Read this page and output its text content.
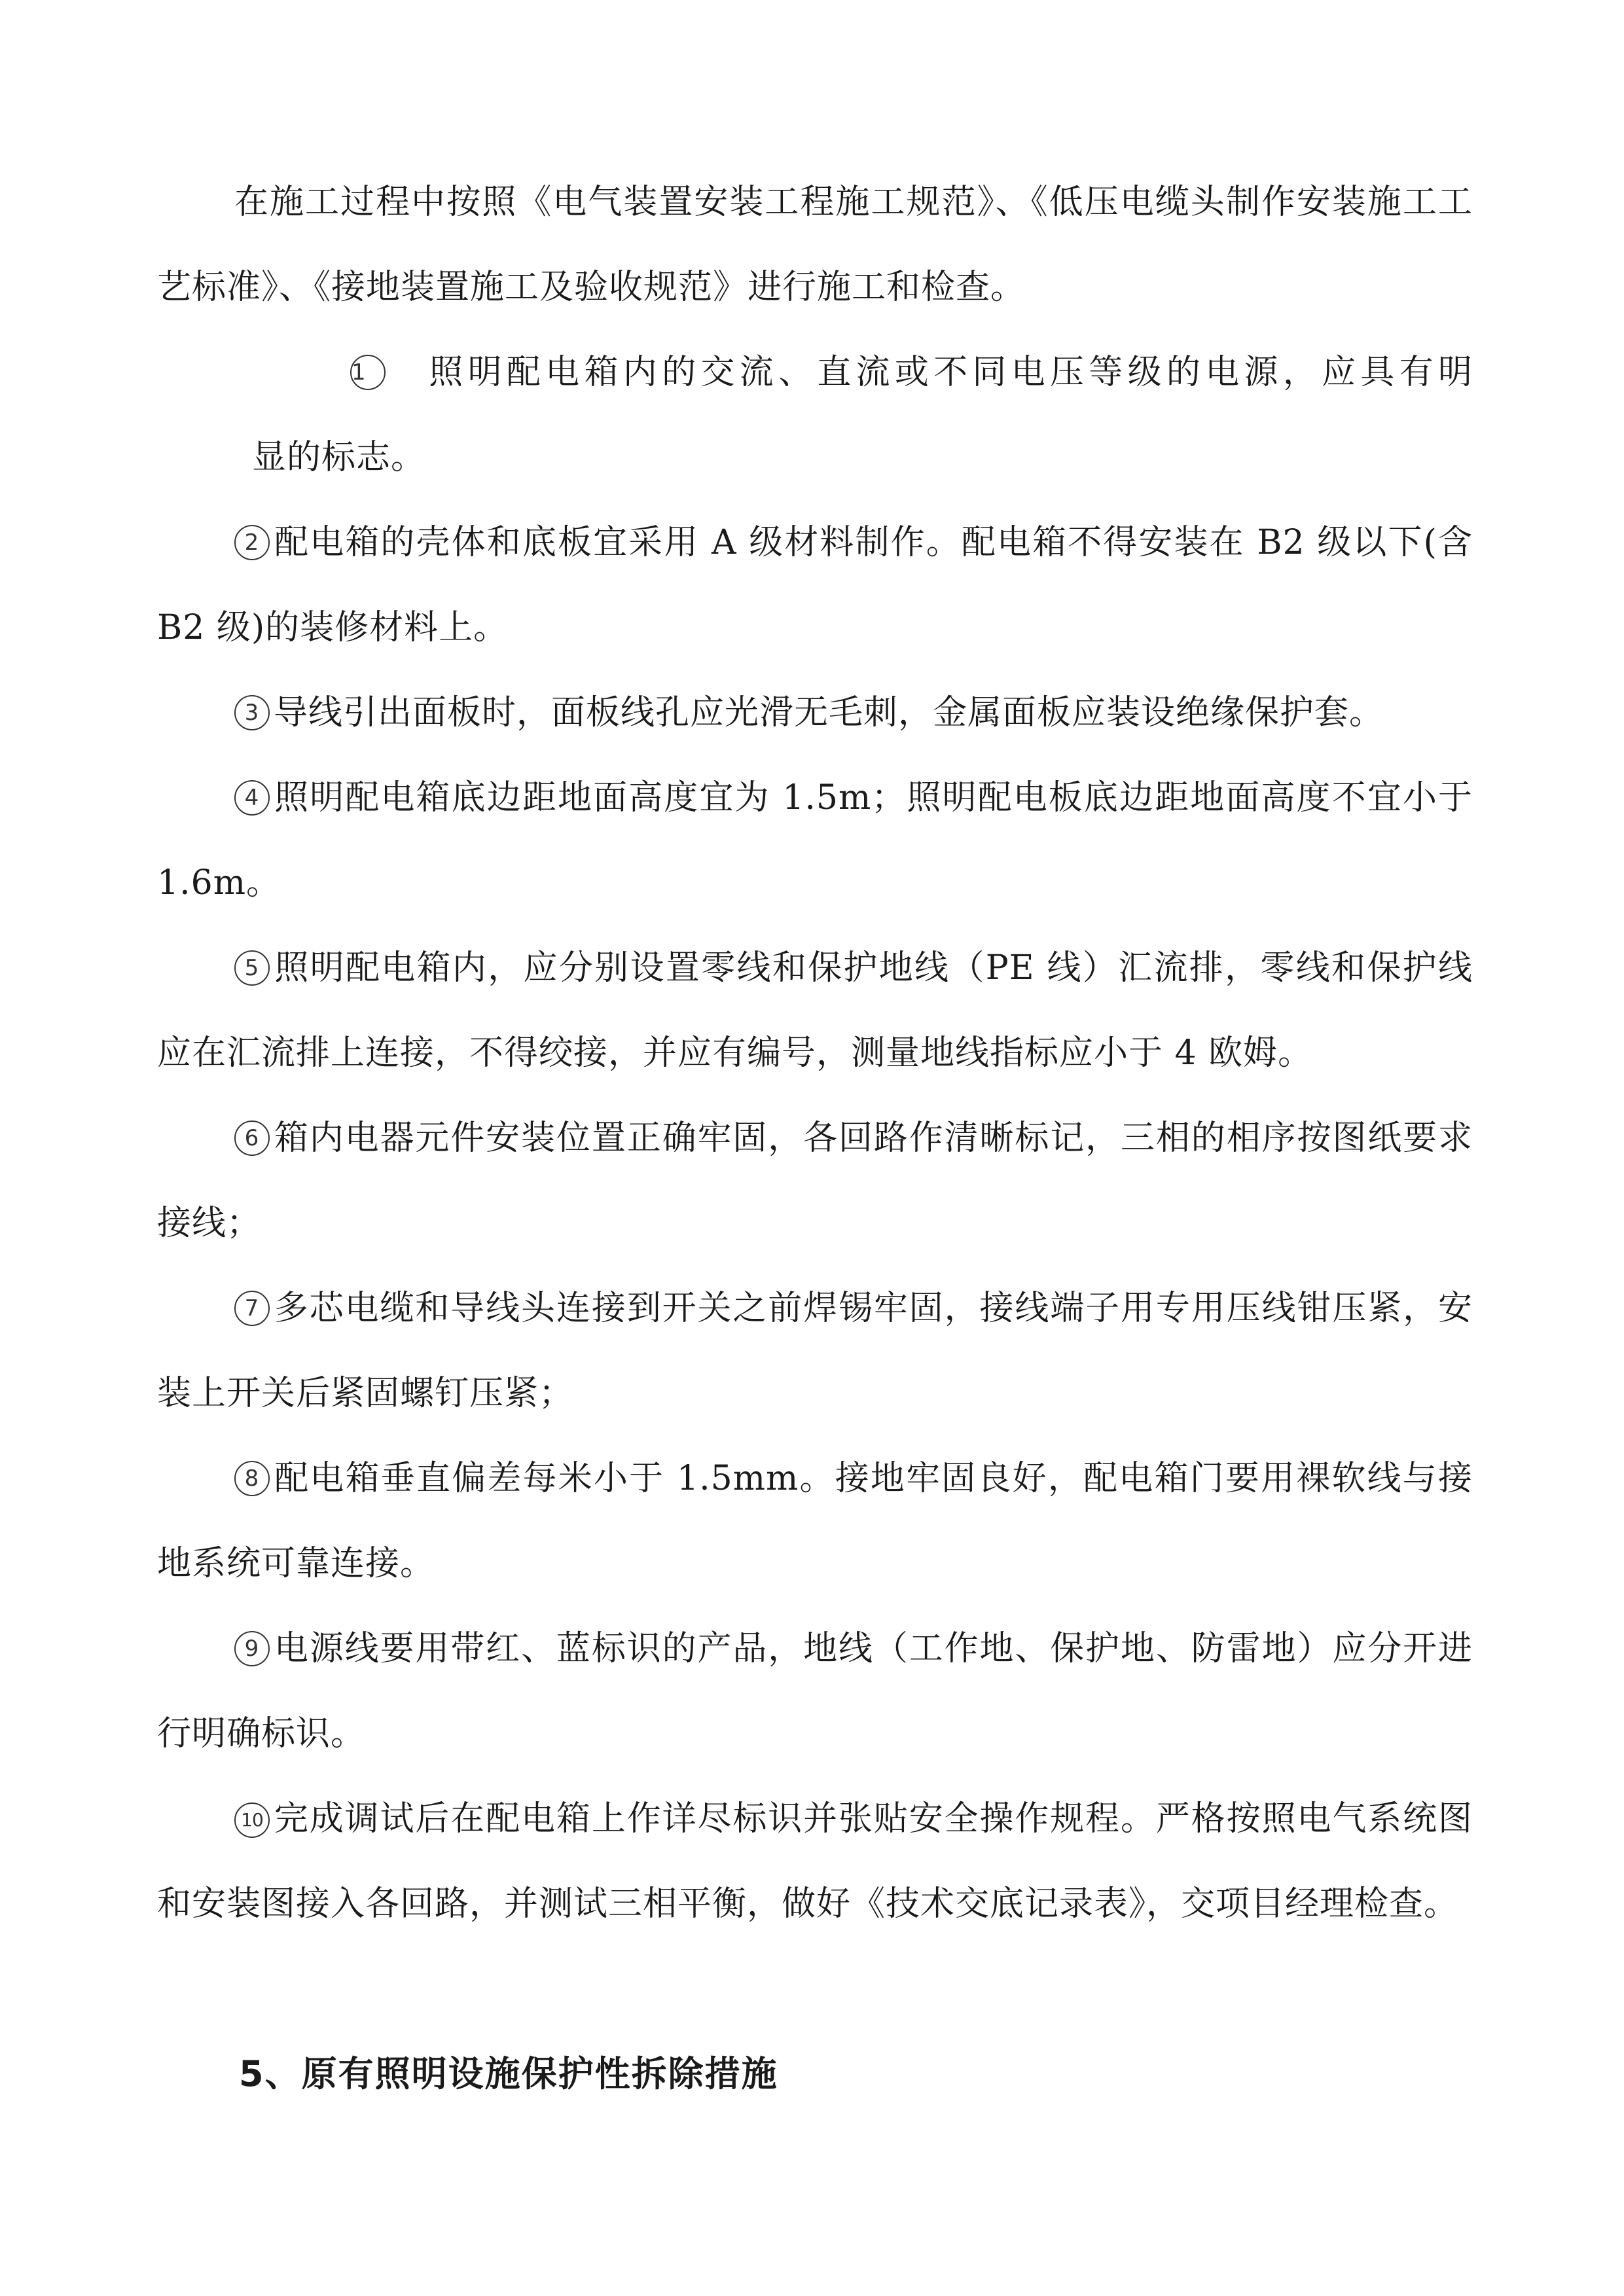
在施工过程中按照《电气装置安装工程施工规范》、《低压电缆头制作安装施工工艺标准》、《接地装置施工及验收规范》进行施工和检查。

1 照明配电箱内的交流、直流或不同电压等级的电源，应具有明
显的标志。

2 配电箱的壳体和底板宜采用 A 级材料制作。配电箱不得安装在 B2 级以下(含 B2 级)的装修材料上。

3 导线引出面板时，面板线孔应光滑无毛刺，金属面板应装设绝缘保护套。

4 照明配电箱底边距地面高度宜为 1.5m；照明配电板底边距地面高度不宜小于 1.6m。

5 照明配电箱内，应分别设置零线和保护地线（PE 线）汇流排，零线和保护线应在汇流排上连接，不得绞接，并应有编号，测量地线指标应小于 4 欧姆。

6 箱内电器元件安装位置正确牢固，各回路作清晰标记，三相的相序按图纸要求接线；

7 多芯电缆和导线头连接到开关之前焊锡牢固，接线端子用专用压线钳压紧，安装上开关后紧固螺钉压紧；

8 配电箱垂直偏差每米小于 1.5mm。接地牢固良好，配电箱门要用裸软线与接地系统可靠连接。

9 电源线要用带红、蓝标识的产品，地线（工作地、保护地、防雷地）应分开进行明确标识。

10 完成调试后在配电箱上作详尽标识并张贴安全操作规程。严格按照电气系统图和安装图接入各回路，并测试三相平衡，做好《技术交底记录表》，交项目经理检查。

5、原有照明设施保护性拆除措施
